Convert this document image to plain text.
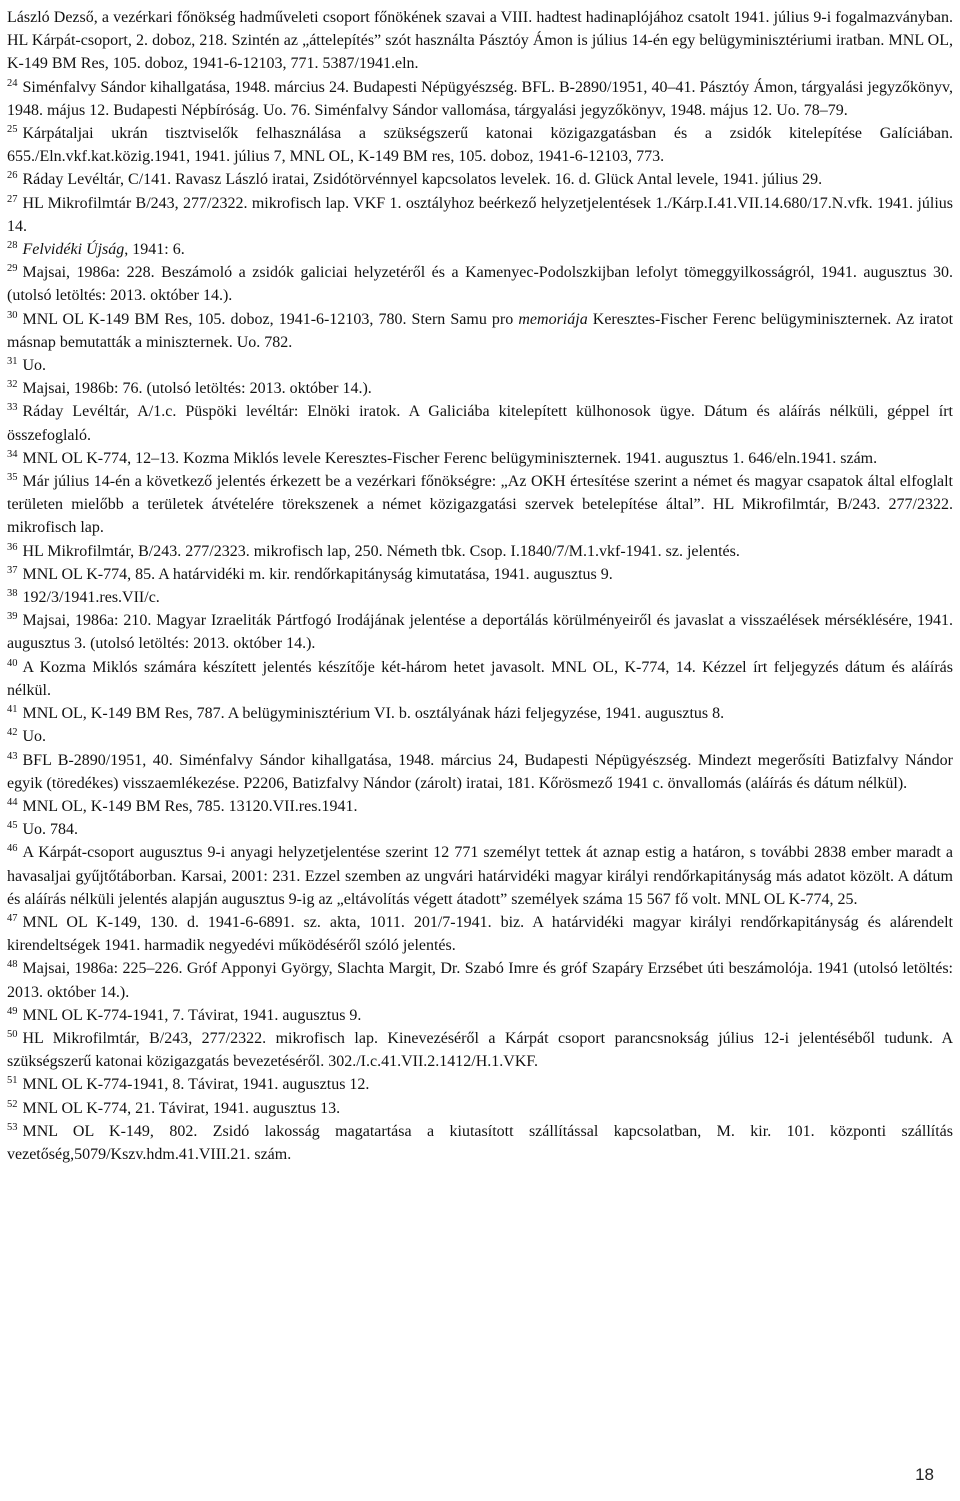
László Dezső, a vezérkari főnökség hadműveleti csoport főnökének szavai a VIII. hadtest hadinaplójához csatolt 1941. július 9-i fogalmazványban. HL Kárpát-csoport, 2. doboz, 218. Szintén az „áttelepítés” szót használta Pásztóy Ámon is július 14-én egy belügyminisztériumi iratban. MNL OL, K-149 BM Res, 105. doboz, 1941-6-12103, 771. 5387/1941.eln.

$^{24}$ Siménfalvy Sándor kihallgatása, 1948. március 24. Budapesti Népügyészség. BFL. B-2890/1951, 40–41. Pásztóy Ámon, tárgyalási jegyzőkönyv, 1948. május 12. Budapesti Népbíróság. Uo. 76. Siménfalvy Sándor vallomása, tárgyalási jegyzőkönyv, 1948. május 12. Uo. 78–79.

$^{25}$ Kárpátaljai ukrán tisztviselők felhasználása a szükségszerű katonai közigazgatásban és a zsidók kitelepítése Galíciában. 655./Eln.vkf.kat.közig.1941, 1941. július 7, MNL OL, K-149 BM res, 105. doboz, 1941-6-12103, 773.

$^{26}$ Ráday Levéltár, C/141. Ravasz László iratai, Zsidótörvénnyel kapcsolatos levelek. 16. d. Glück Antal levele, 1941. július 29.

$^{27}$ HL Mikrofilmtár B/243, 277/2322. mikrofisch lap. VKF 1. osztályhoz beérkező helyzetjelentések 1./Kárp.I.41.VII.14.680/17.N.vfk. 1941. július 14.

$^{28}$ Felvidéki Újság, 1941: 6.

$^{29}$ Majsai, 1986a: 228. Beszámoló a zsidók galiciai helyzetéről és a Kamenyec-Podolszkijban lefolyt tömeggyilkosságról, 1941. augusztus 30. (utolsó letöltés: 2013. október 14.).

$^{30}$ MNL OL K-149 BM Res, 105. doboz, 1941-6-12103, 780. Stern Samu pro memoriája Keresztes-Fischer Ferenc belügyminiszternek. Az iratot másnap bemutatták a miniszternek. Uo. 782.

$^{31}$ Uo.

$^{32}$ Majsai, 1986b: 76. (utolsó letöltés: 2013. október 14.).

$^{33}$ Ráday Levéltár, A/1.c. Püspöki levéltár: Elnöki iratok. A Galiciába kitelepített külhonosok ügye. Dátum és aláírás nélküli, géppel írt összefoglaló.

$^{34}$ MNL OL K-774, 12–13. Kozma Miklós levele Keresztes-Fischer Ferenc belügyminiszternek. 1941. augusztus 1. 646/eln.1941. szám.

$^{35}$ Már július 14-én a következő jelentés érkezett be a vezérkari főnökségre: „Az OKH értesítése szerint a német és magyar csapatok által elfoglalt területen mielőbb a területek átvételére törekszenek a német közigazgatási szervek betelepítése által”. HL Mikrofilmtár, B/243. 277/2322. mikrofisch lap.

$^{36}$ HL Mikrofilmtár, B/243. 277/2323. mikrofisch lap, 250. Németh tbk. Csop. I.1840/7/M.1.vkf-1941. sz. jelentés.

$^{37}$ MNL OL K-774, 85. A határvidéki m. kir. rendőrkapitányság kimutatása, 1941. augusztus 9.

$^{38}$ 192/3/1941.res.VII/c.

$^{39}$ Majsai, 1986a: 210. Magyar Izraeliták Pártfogó Irodájának jelentése a deportálás körülményeiről és javaslat a visszaélések mérséklésére, 1941. augusztus 3. (utolsó letöltés: 2013. október 14.).

$^{40}$ A Kozma Miklós számára készített jelentés készítője két-három hetet javasolt. MNL OL, K-774, 14. Kézzel írt feljegyzés dátum és aláírás nélkül.

$^{41}$ MNL OL, K-149 BM Res, 787. A belügyminisztérium VI. b. osztályának házi feljegyzése, 1941. augusztus 8.

$^{42}$ Uo.

$^{43}$ BFL B-2890/1951, 40. Siménfalvy Sándor kihallgatása, 1948. március 24, Budapesti Népügyészség. Mindezt megerősíti Batizfalvy Nándor egyik (töredékes) visszaemlékezése. P2206, Batizfalvy Nándor (zárolt) iratai, 181. Kőrösmező 1941 c. önvallomás (aláírás és dátum nélkül).

$^{44}$ MNL OL, K-149 BM Res, 785. 13120.VII.res.1941.

$^{45}$ Uo. 784.

$^{46}$ A Kárpát-csoport augusztus 9-i anyagi helyzetjelentése szerint 12 771 személyt tettek át aznap estig a határon, s további 2838 ember maradt a havasaljai gyűjtőtáborban. Karsai, 2001: 231. Ezzel szemben az ungvári határvidéki magyar királyi rendőrkapitányság más adatot közölt. A dátum és aláírás nélküli jelentés alapján augusztus 9-ig az „eltávolítás végett átadott” személyek száma 15 567 fő volt. MNL OL K-774, 25.

$^{47}$ MNL OL K-149, 130. d. 1941-6-6891. sz. akta, 1011. 201/7-1941. biz. A határvidéki magyar királyi rendőrkapitányság és alárendelt kirendeltségek 1941. harmadik negyedévi működéséről szóló jelentés.

$^{48}$ Majsai, 1986a: 225–226. Gróf Apponyi György, Slachta Margit, Dr. Szabó Imre és gróf Szapáry Erzsébet úti beszámolója. 1941 (utolsó letöltés: 2013. október 14.).

$^{49}$ MNL OL K-774-1941, 7. Távirat, 1941. augusztus 9.

$^{50}$ HL Mikrofilmtár, B/243, 277/2322. mikrofisch lap. Kinevezéséről a Kárpát csoport parancsnokság július 12-i jelentéséből tudunk. A szükségszerű katonai közigazgatás bevezetéséről. 302./I.c.41.VII.2.1412/H.1.VKF.

$^{51}$ MNL OL K-774-1941, 8. Távirat, 1941. augusztus 12.

$^{52}$ MNL OL K-774, 21. Távirat, 1941. augusztus 13.

$^{53}$ MNL OL K-149, 802. Zsidó lakosság magatartása a kiutasított szállítással kapcsolatban, M. kir. 101. központi szállítás vezetőség,5079/Kszv.hdm.41.VIII.21. szám.

18
